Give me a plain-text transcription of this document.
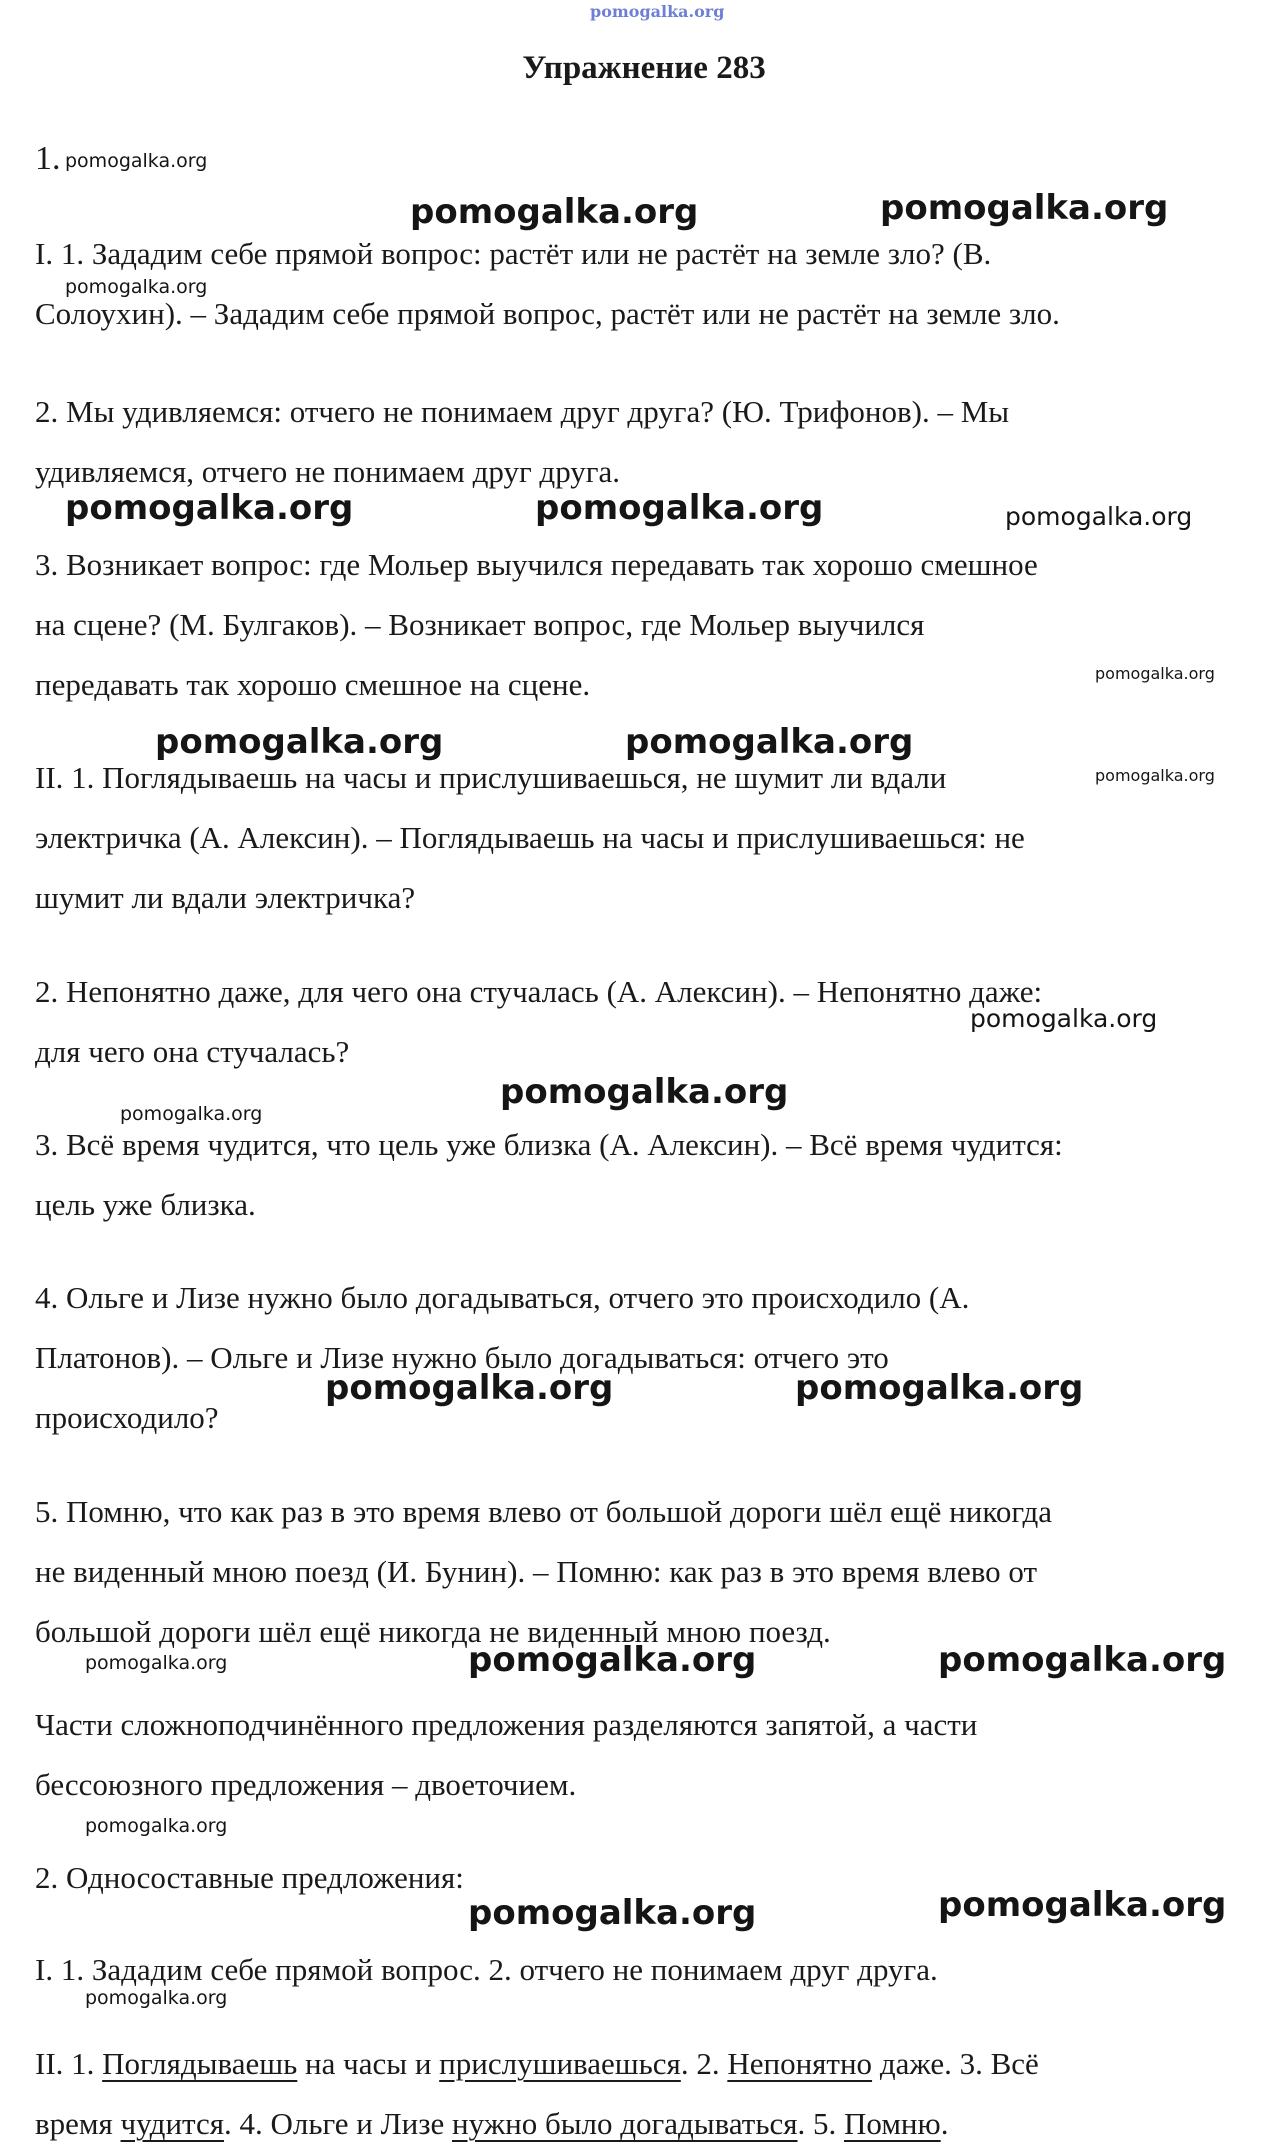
pomogalka.org
Упражнение 283
1.
I. 1. Зададим себе прямой вопрос: растёт или не растёт на земле зло? (В.
Солоухин). – Зададим себе прямой вопрос, растёт или не растёт на земле зло.
2. Мы удивляемся: отчего не понимаем друг друга? (Ю. Трифонов). – Мы
удивляемся, отчего не понимаем друг друга.
3. Возникает вопрос: где Мольер выучился передавать так хорошо смешное
на сцене? (М. Булгаков). – Возникает вопрос, где Мольер выучился
передавать так хорошо смешное на сцене.
II. 1. Поглядываешь на часы и прислушиваешься, не шумит ли вдали
электричка (А. Алексин). – Поглядываешь на часы и прислушиваешься: не
шумит ли вдали электричка?
2. Непонятно даже, для чего она стучалась (А. Алексин). – Непонятно даже:
для чего она стучалась?
3. Всё время чудится, что цель уже близка (А. Алексин). – Всё время чудится:
цель уже близка.
4. Ольге и Лизе нужно было догадываться, отчего это происходило (А.
Платонов). – Ольге и Лизе нужно было догадываться: отчего это
происходило?
5. Помню, что как раз в это время влево от большой дороги шёл ещё никогда
не виденный мною поезд (И. Бунин). – Помню: как раз в это время влево от
большой дороги шёл ещё никогда не виденный мною поезд.
Части сложноподчинённого предложения разделяются запятой, а части
бессоюзного предложения – двоеточием.
2. Односоставные предложения:
I. 1. Зададим себе прямой вопрос. 2. отчего не понимаем друг друга.
II. 1. Поглядываешь на часы и прислушиваешься. 2. Непонятно даже. 3. Всё
время чудится. 4. Ольге и Лизе нужно было догадываться. 5. Помню.
pomogalka.org
pomogalka.org	pomogalka.org
pomogalka.org
pomogalka.org	pomogalka.org	pomogalka.org
pomogalka.org
pomogalka.org	pomogalka.org
pomogalka.org
pomogalka.org
pomogalka.org
pomogalka.org
pomogalka.org	pomogalka.org
pomogalka.org	pomogalka.org	pomogalka.org
pomogalka.org
pomogalka.org	pomogalka.org
pomogalka.org
